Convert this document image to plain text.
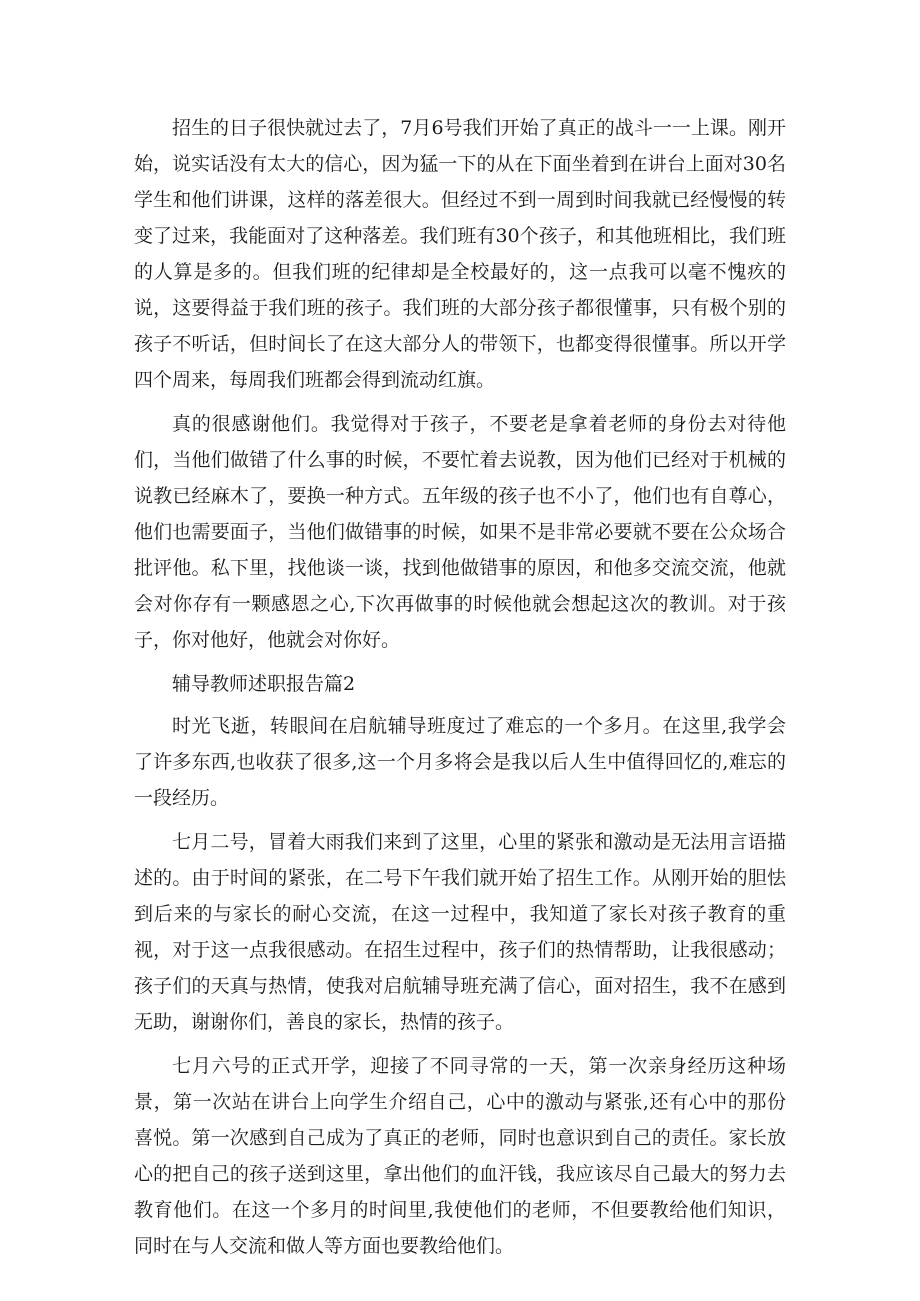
招生的日子很快就过去了，7月6号我们开始了真正的战斗一一上课。刚开始，说实话没有太大的信心，因为猛一下的从在下面坐着到在讲台上面对30名学生和他们讲课，这样的落差很大。但经过不到一周到时间我就已经慢慢的转变了过来，我能面对了这种落差。我们班有30个孩子，和其他班相比，我们班的人算是多的。但我们班的纪律却是全校最好的，这一点我可以毫不愧疚的说，这要得益于我们班的孩子。我们班的大部分孩子都很懂事，只有极个别的孩子不听话，但时间长了在这大部分人的带领下，也都变得很懂事。所以开学四个周来，每周我们班都会得到流动红旗。

真的很感谢他们。我觉得对于孩子，不要老是拿着老师的身份去对待他们，当他们做错了什么事的时候，不要忙着去说教，因为他们已经对于机械的说教已经麻木了，要换一种方式。五年级的孩子也不小了，他们也有自尊心，他们也需要面子，当他们做错事的时候，如果不是非常必要就不要在公众场合批评他。私下里，找他谈一谈，找到他做错事的原因，和他多交流交流，他就会对你存有一颗感恩之心,下次再做事的时候他就会想起这次的教训。对于孩子，你对他好，他就会对你好。

辅导教师述职报告篇2

时光飞逝，转眼间在启航辅导班度过了难忘的一个多月。在这里,我学会了许多东西,也收获了很多,这一个月多将会是我以后人生中值得回忆的,难忘的一段经历。

七月二号，冒着大雨我们来到了这里，心里的紧张和激动是无法用言语描述的。由于时间的紧张，在二号下午我们就开始了招生工作。从刚开始的胆怯到后来的与家长的耐心交流，在这一过程中，我知道了家长对孩子教育的重视，对于这一点我很感动。在招生过程中，孩子们的热情帮助，让我很感动；孩子们的天真与热情，使我对启航辅导班充满了信心，面对招生，我不在感到无助，谢谢你们，善良的家长，热情的孩子。

七月六号的正式开学，迎接了不同寻常的一天，第一次亲身经历这种场景，第一次站在讲台上向学生介绍自己，心中的激动与紧张,还有心中的那份喜悦。第一次感到自己成为了真正的老师，同时也意识到自己的责任。家长放心的把自己的孩子送到这里，拿出他们的血汗钱，我应该尽自己最大的努力去教育他们。在这一个多月的时间里,我使他们的老师，不但要教给他们知识，同时在与人交流和做人等方面也要教给他们。
